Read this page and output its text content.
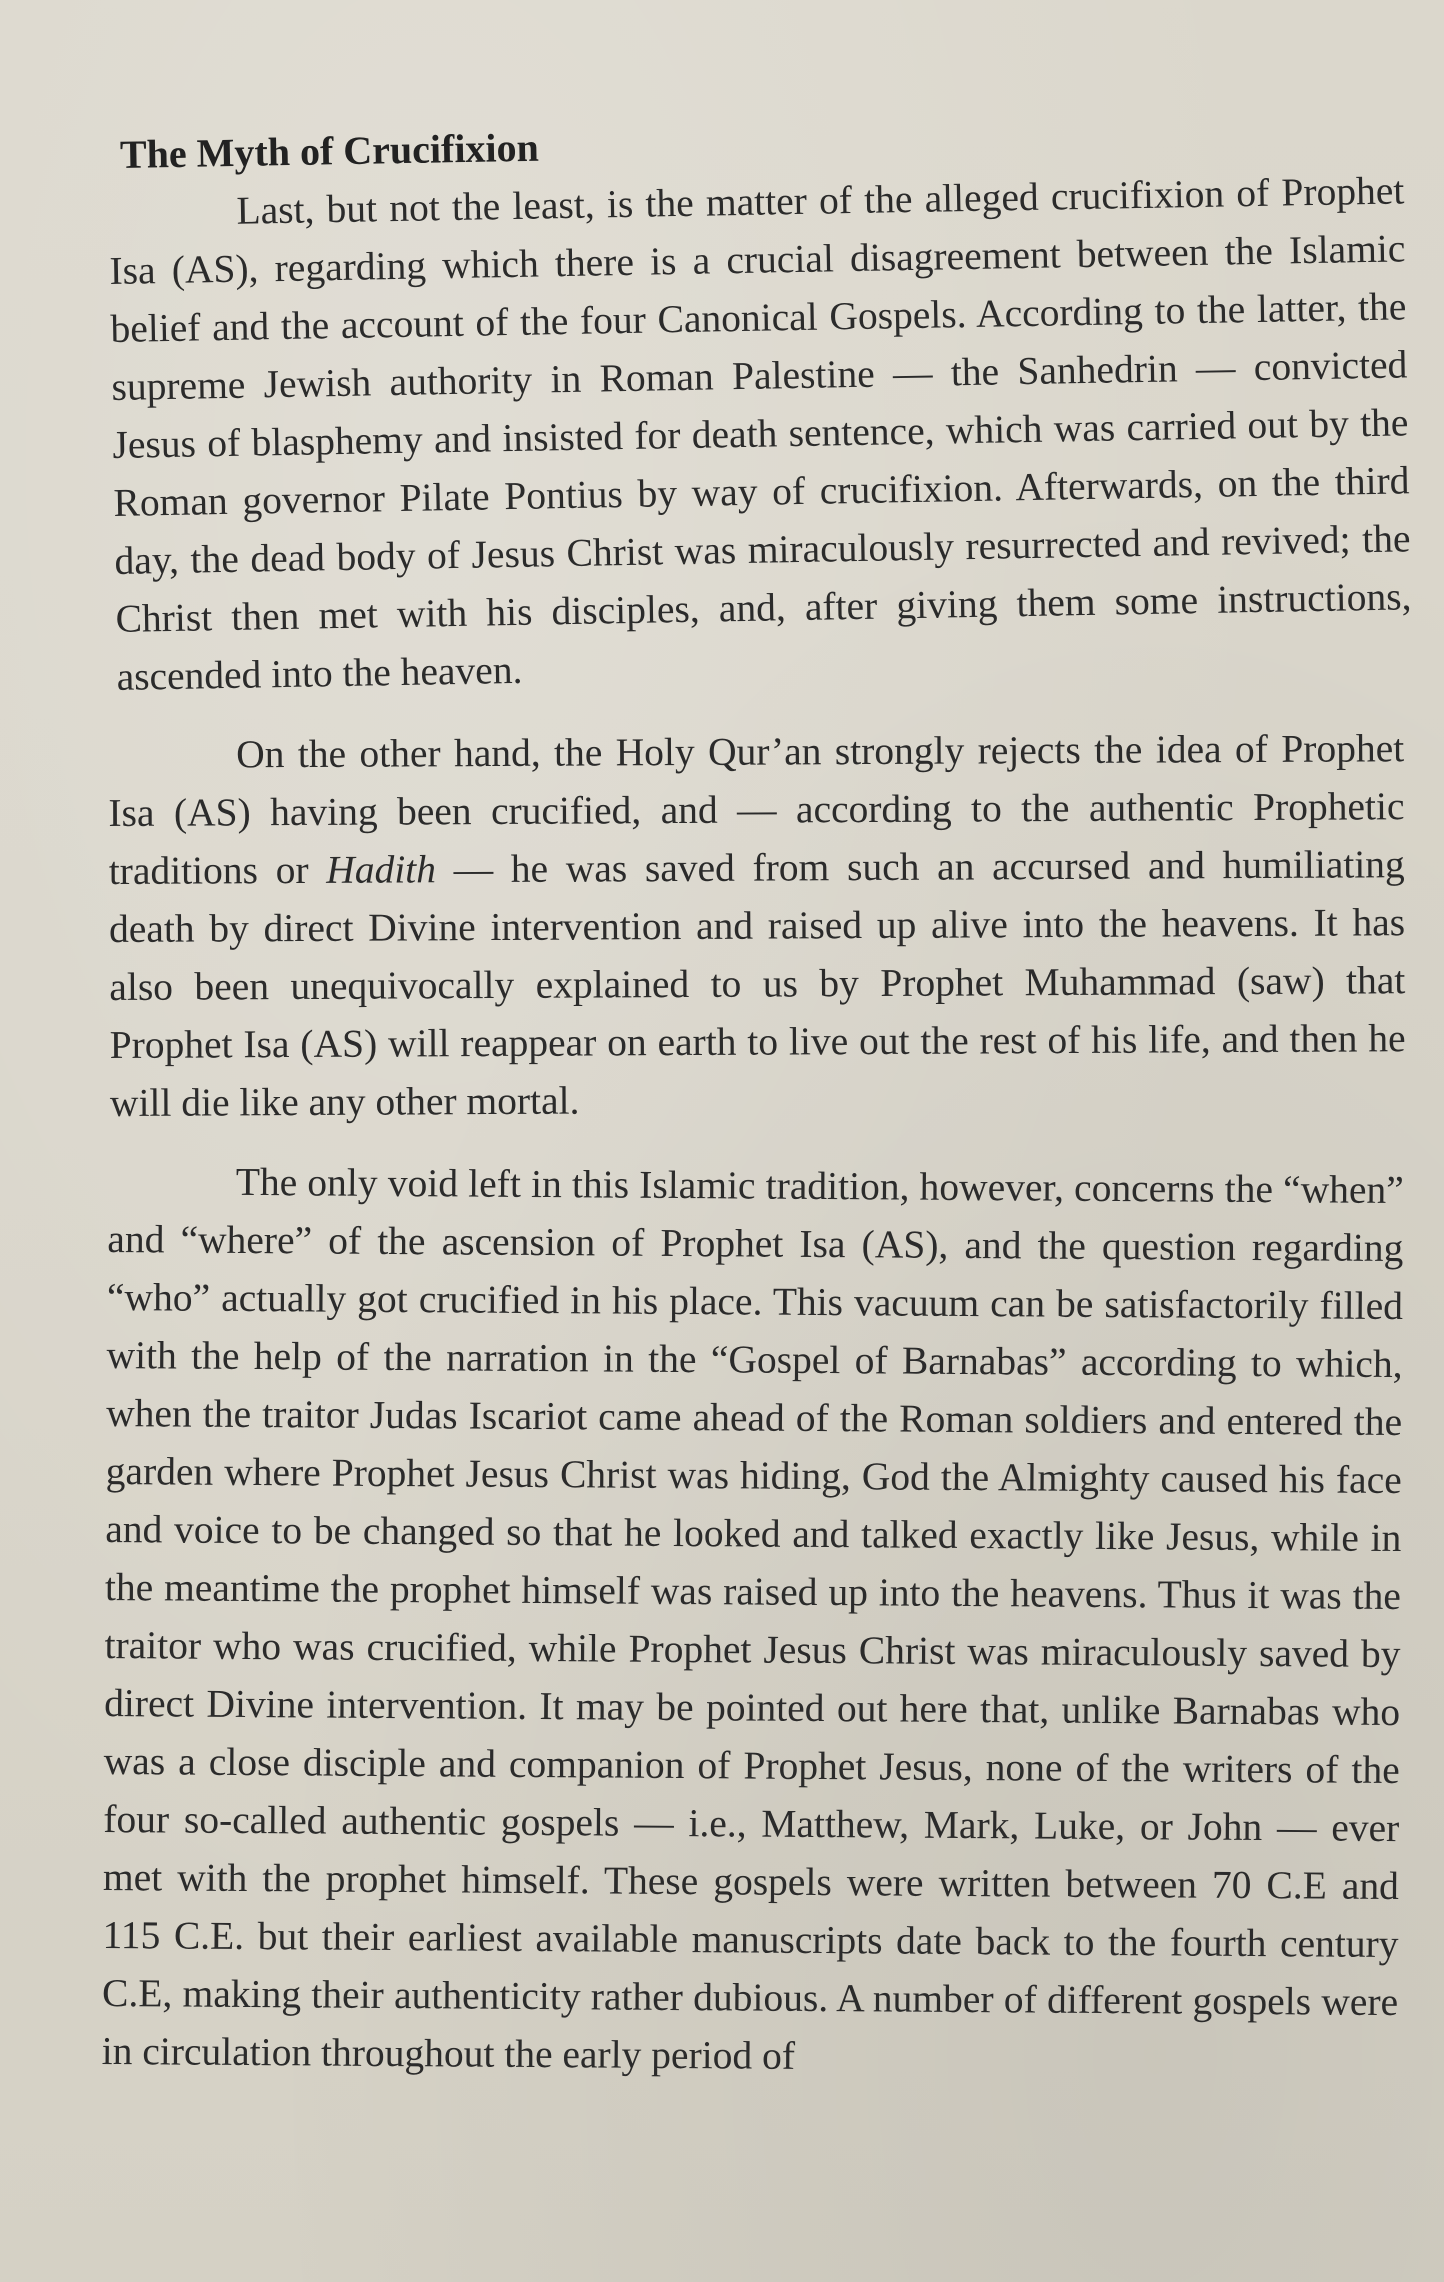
The Myth of Crucifixion

Last, but not the least, is the matter of the alleged crucifixion of Prophet Isa (AS), regarding which there is a crucial disagreement between the Islamic belief and the account of the four Canonical Gospels. According to the latter, the supreme Jewish authority in Roman Palestine — the Sanhedrin — convicted Jesus of blasphemy and insisted for death sentence, which was carried out by the Roman governor Pilate Pontius by way of crucifixion. Afterwards, on the third day, the dead body of Jesus Christ was miraculously resurrected and revived; the Christ then met with his disciples, and, after giving them some instructions, ascended into the heaven.

On the other hand, the Holy Qur’an strongly rejects the idea of Prophet Isa (AS) having been crucified, and — according to the authentic Prophetic traditions or Hadith — he was saved from such an accursed and humiliating death by direct Divine intervention and raised up alive into the heavens. It has also been unequivocally explained to us by Prophet Muhammad (saw) that Prophet Isa (AS) will reappear on earth to live out the rest of his life, and then he will die like any other mortal.

The only void left in this Islamic tradition, however, concerns the “when” and “where” of the ascension of Prophet Isa (AS), and the question regarding “who” actually got crucified in his place. This vacuum can be satisfactorily filled with the help of the narration in the “Gospel of Barnabas” according to which, when the traitor Judas Iscariot came ahead of the Roman soldiers and entered the garden where Prophet Jesus Christ was hiding, God the Almighty caused his face and voice to be changed so that he looked and talked exactly like Jesus, while in the meantime the prophet himself was raised up into the heavens. Thus it was the traitor who was crucified, while Prophet Jesus Christ was miraculously saved by direct Divine intervention. It may be pointed out here that, unlike Barnabas who was a close disciple and companion of Prophet Jesus, none of the writers of the four so-called authentic gospels — i.e., Matthew, Mark, Luke, or John — ever met with the prophet himself. These gospels were written between 70 C.E and 115 C.E. but their earliest available manuscripts date back to the fourth century C.E, making their authenticity rather dubious. A number of different gospels were in circulation throughout the early period of
